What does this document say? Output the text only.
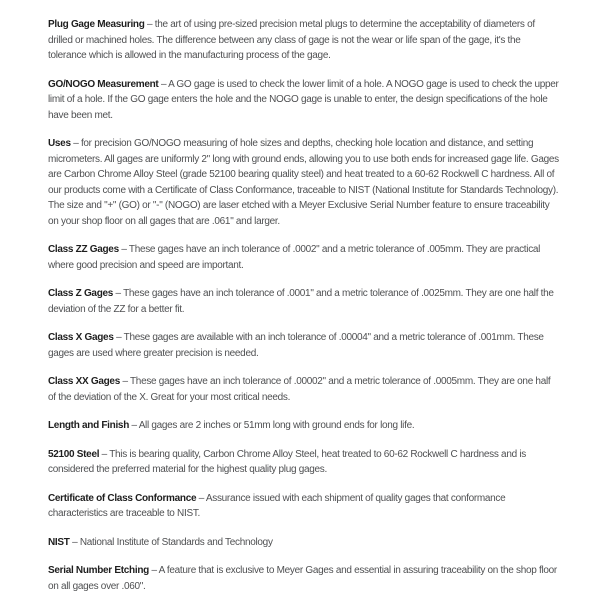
Plug Gage Measuring – the art of using pre-sized precision metal plugs to determine the acceptability of diameters of drilled or machined holes. The difference between any class of gage is not the wear or life span of the gage, it's the tolerance which is allowed in the manufacturing process of the gage.

GO/NOGO Measurement – A GO gage is used to check the lower limit of a hole. A NOGO gage is used to check the upper limit of a hole. If the GO gage enters the hole and the NOGO gage is unable to enter, the design specifications of the hole have been met.

Uses – for precision GO/NOGO measuring of hole sizes and depths, checking hole location and distance, and setting micrometers. All gages are uniformly 2" long with ground ends, allowing you to use both ends for increased gage life. Gages are Carbon Chrome Alloy Steel (grade 52100 bearing quality steel) and heat treated to a 60-62 Rockwell C hardness. All of our products come with a Certificate of Class Conformance, traceable to NIST (National Institute for Standards Technology). The size and "+" (GO) or "-" (NOGO) are laser etched with a Meyer Exclusive Serial Number feature to ensure traceability on your shop floor on all gages that are .061" and larger.

Class ZZ Gages – These gages have an inch tolerance of .0002" and a metric tolerance of .005mm. They are practical where good precision and speed are important.

Class Z Gages – These gages have an inch tolerance of .0001" and a metric tolerance of .0025mm. They are one half the deviation of the ZZ for a better fit.

Class X Gages – These gages are available with an inch tolerance of .00004" and a metric tolerance of .001mm. These gages are used where greater precision is needed.

Class XX Gages – These gages have an inch tolerance of .00002" and a metric tolerance of .0005mm. They are one half of the deviation of the X. Great for your most critical needs.

Length and Finish – All gages are 2 inches or 51mm long with ground ends for long life.

52100 Steel – This is bearing quality, Carbon Chrome Alloy Steel, heat treated to 60-62 Rockwell C hardness and is considered the preferred material for the highest quality plug gages.

Certificate of Class Conformance – Assurance issued with each shipment of quality gages that conformance characteristics are traceable to NIST.

NIST – National Institute of Standards and Technology

Serial Number Etching – A feature that is exclusive to Meyer Gages and essential in assuring traceability on the shop floor on all gages over .060".
